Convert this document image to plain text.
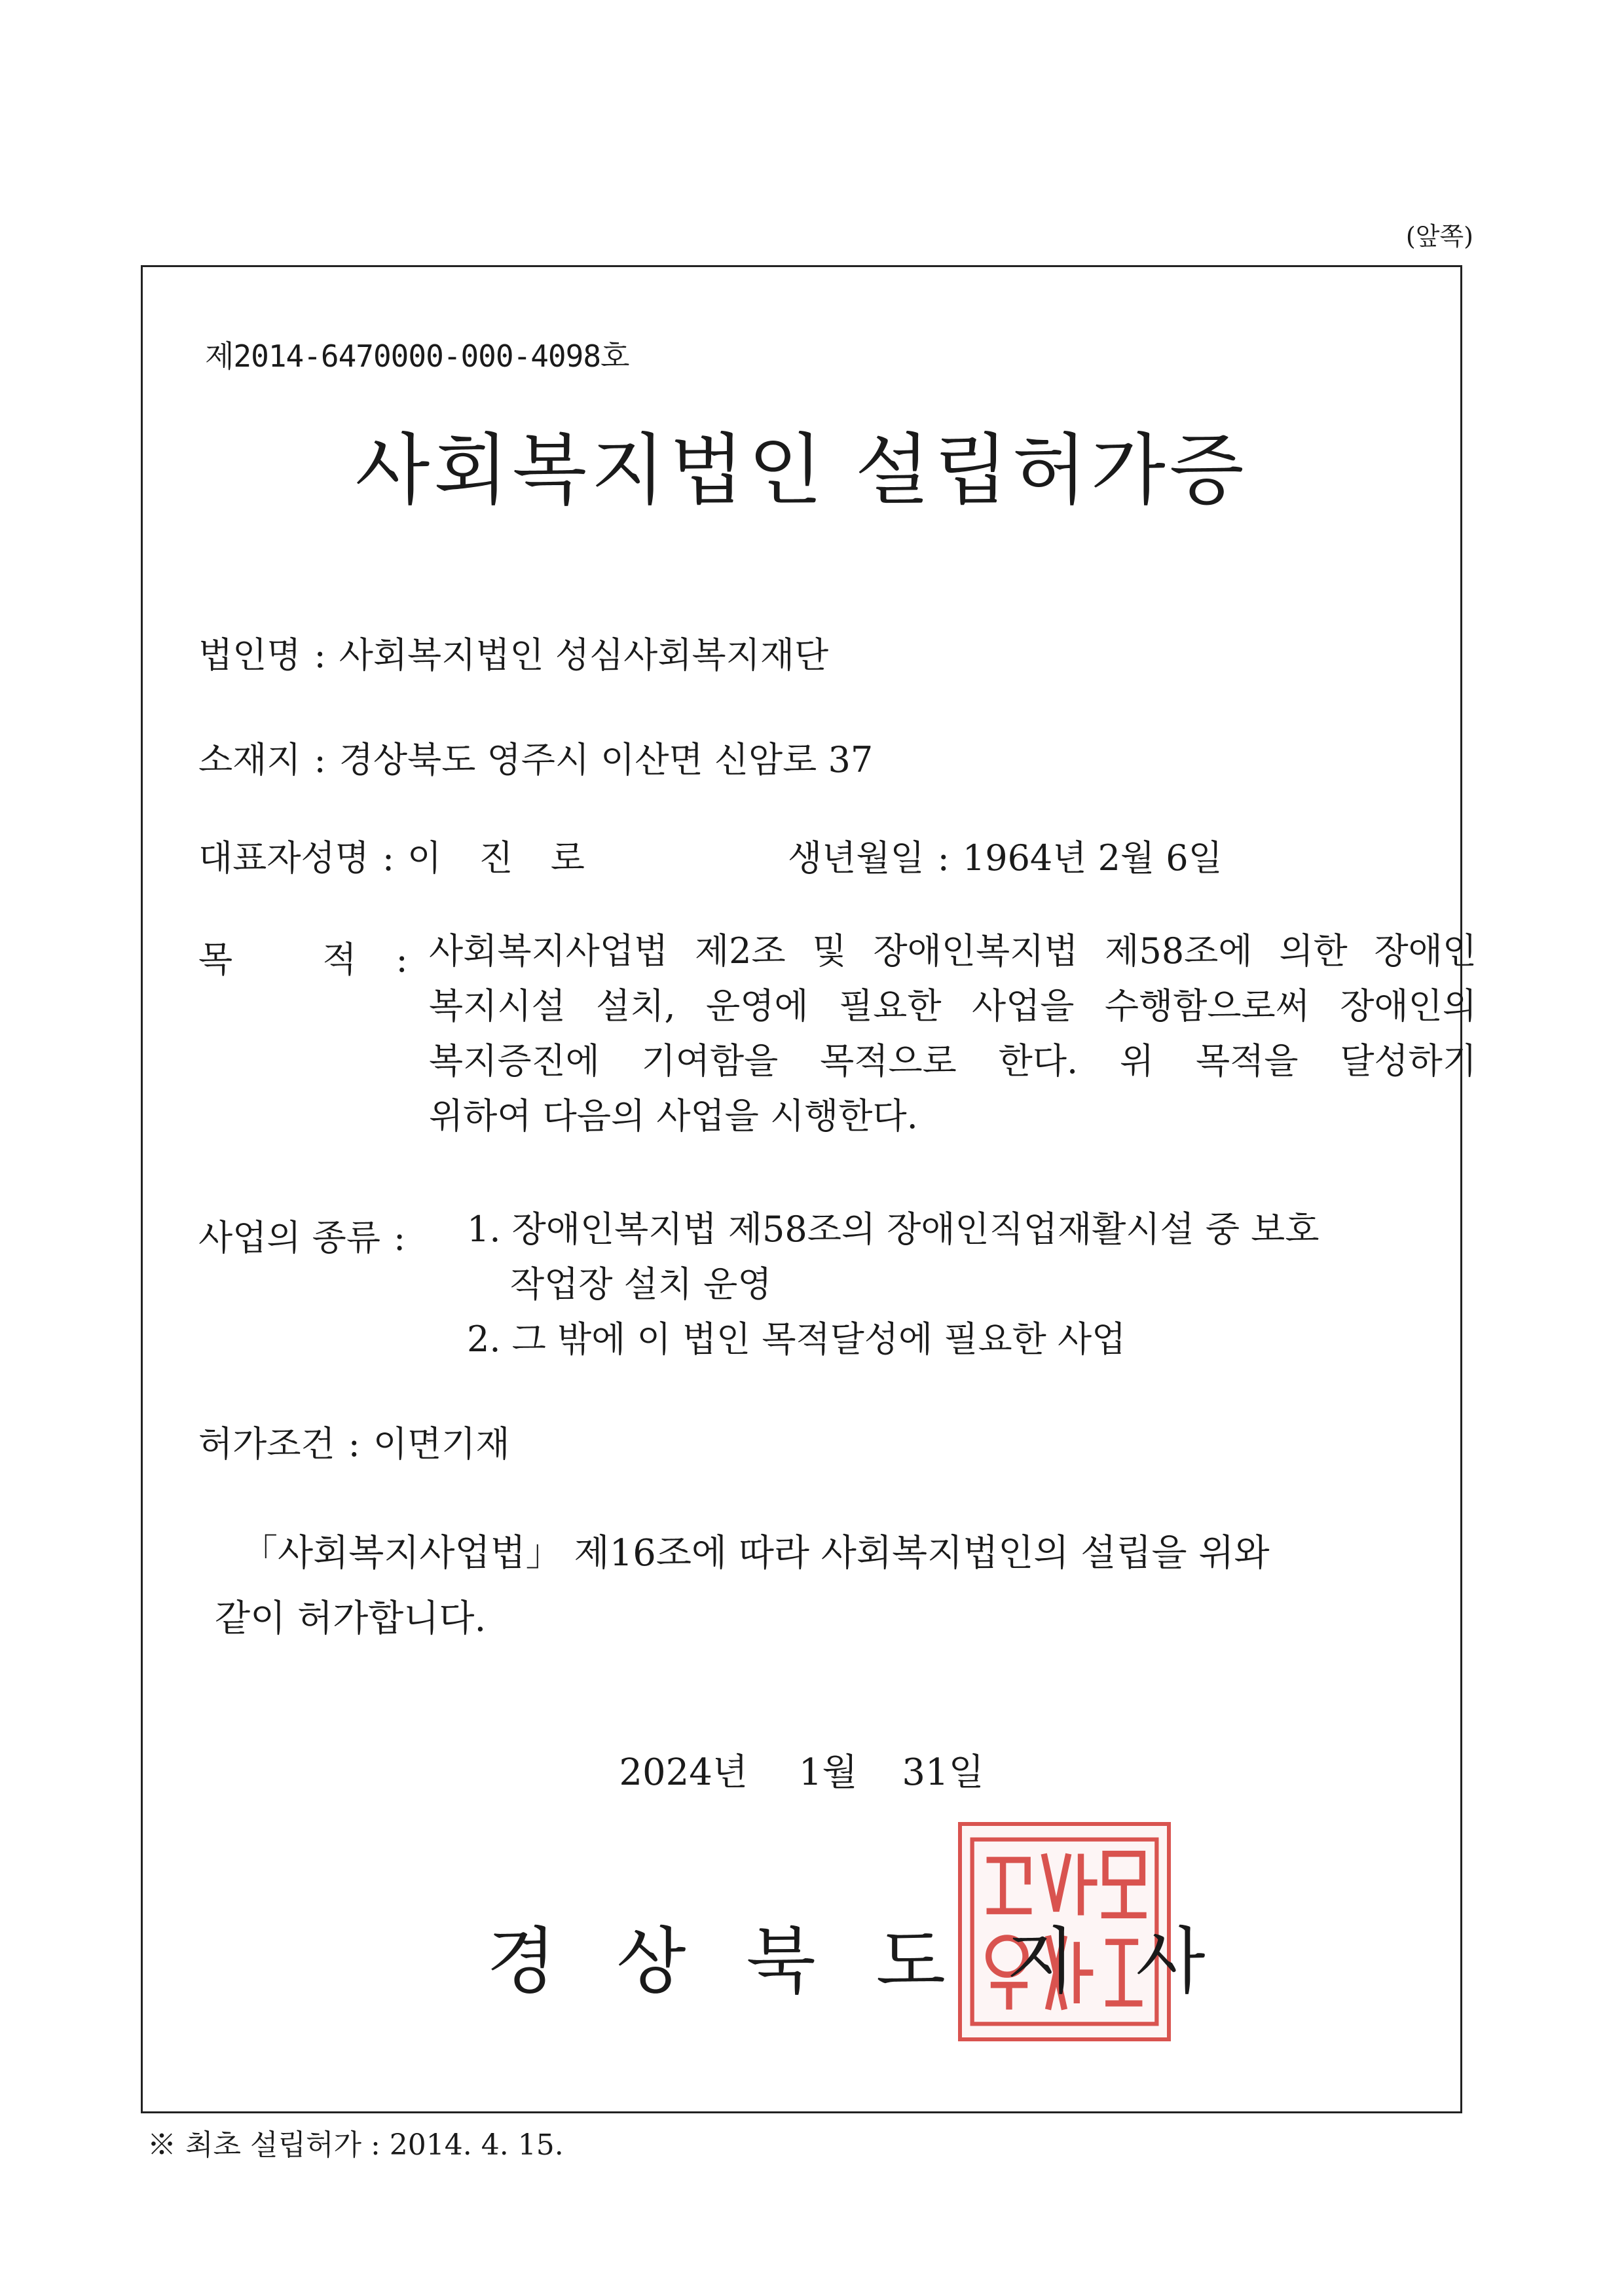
(앞쪽)
제2014-6470000-000-4098호
사회복지법인 설립허가증
법인명 : 사회복지법인 성심사회복지재단
소재지 : 경상북도 영주시 이산면 신암로 37
대표자성명 : 이 진 로	생년월일 : 1964년 2월 6일
목 적: 사회복지사업법 제2조 및 장애인복지법 제58조에 의한 장애인
복지시설 설치, 운영에 필요한 사업을 수행함으로써 장애인의
복지증진에 기여함을 목적으로 한다. 위 목적을 달성하기
위하여 다음의 사업을 시행한다.
사업의 종류 : 1. 장애인복지법 제58조의 장애인직업재활시설 중 보호
작업장 설치 운영
2. 그 밖에 이 법인 목적달성에 필요한 사업
허가조건 : 이면기재
「사회복지사업법」 제16조에 따라 사회복지법인의 설립을 위와
같이 허가합니다.
2024년 1월 31일
경상북도지사
※ 최초 설립허가 : 2014. 4. 15.
